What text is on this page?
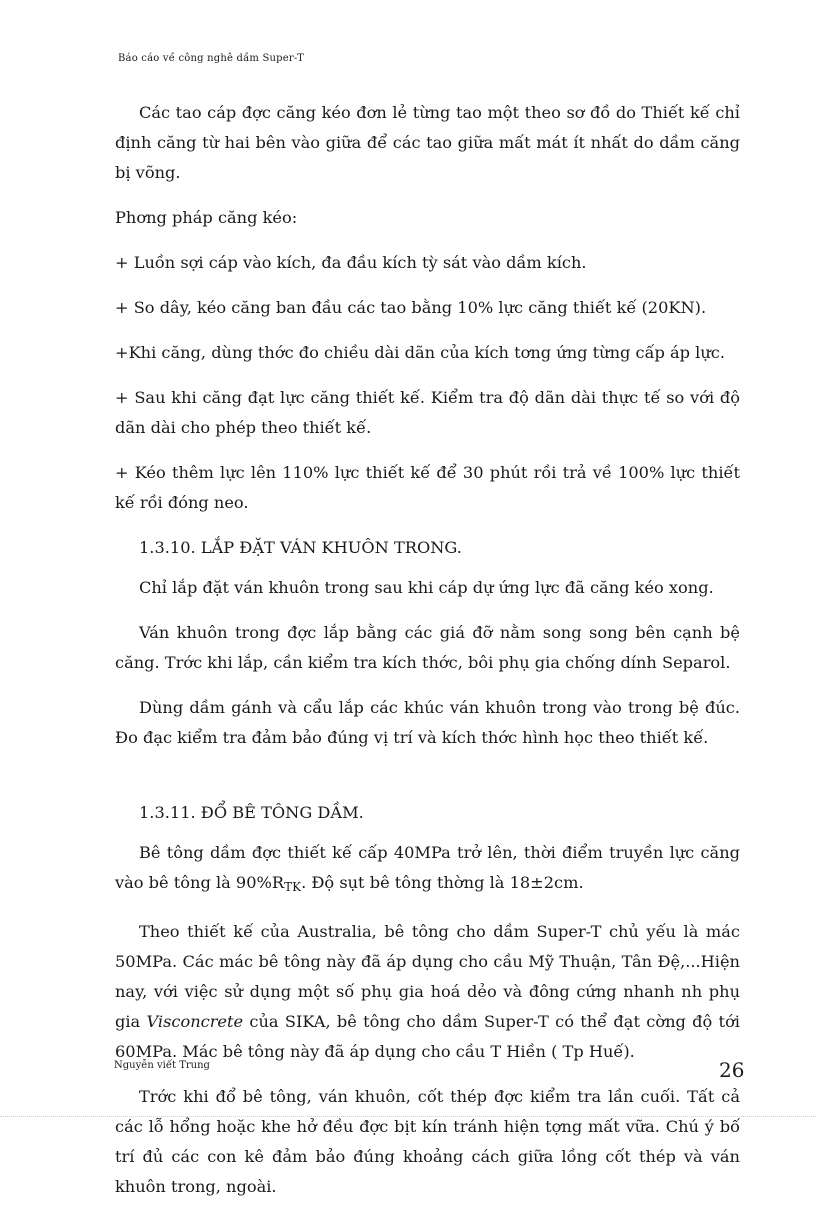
Báo cáo về công nghê dầm Super-T

Các tao cáp đợc căng kéo đơn lẻ từng tao một theo sơ đồ do Thiết kế chỉ định căng từ hai bên vào giữa để các tao giữa mất mát ít nhất do dầm căng bị võng.

Phơng pháp căng kéo:

+ Luồn sợi cáp vào kích, đa đầu kích tỳ sát vào dầm kích.

+ So dây, kéo căng ban đầu các tao bằng 10% lực căng thiết kế (20KN).

+Khi căng, dùng thớc đo chiều dài dãn của kích tơng ứng từng cấp áp lực.

+ Sau khi căng đạt lực căng thiết kế. Kiểm tra độ dãn dài thực tế so với độ dãn dài cho phép theo thiết kế.

+ Kéo thêm lực lên 110% lực thiết kế để 30 phút rồi trả về 100% lực thiết kế rồi đóng neo.

1.3.10. LẮP ĐẶT VÁN KHUÔN TRONG.

Chỉ lắp đặt ván khuôn trong sau khi cáp dự ứng lực đã căng kéo xong.

Ván khuôn trong đợc lắp bằng các giá đỡ nằm song song bên cạnh bệ căng. Trớc khi lắp, cần kiểm tra kích thớc, bôi phụ gia chống dính Separol.

Dùng dầm gánh và cẩu lắp các khúc ván khuôn trong vào trong bệ đúc. Đo đạc kiểm tra đảm bảo đúng vị trí và kích thớc hình học theo thiết kế.

1.3.11. ĐỔ BÊ TÔNG DẦM.

Bê tông dầm đợc thiết kế cấp 40MPa trở lên, thời điểm truyền lực căng vào bê tông là $90\%R_{TK}$. Độ sụt bê tông thờng là 18±2cm.

Theo thiết kế của Australia, bê tông cho dầm Super-T chủ yếu là mác 50MPa. Các mác bê tông này đã áp dụng cho cầu Mỹ Thuận, Tân Đệ,...Hiện nay, với việc sử dụng một số phụ gia hoá dẻo và đông cứng nhanh nh phụ gia Visconcrete của SIKA, bê tông cho dầm Super-T có thể đạt cờng độ tới 60MPa. Mác bê tông này đã áp dụng cho cầu T Hiền ( Tp Huế).

Trớc khi đổ bê tông, ván khuôn, cốt thép đợc kiểm tra lần cuối. Tất cả các lỗ hổng hoặc khe hở đều đợc bịt kín tránh hiện tợng mất vữa. Chú ý bố trí đủ các con kê đảm bảo đúng khoảng cách giữa lồng cốt thép và ván khuôn trong, ngoài.

Nguyễn viết Trung	26
